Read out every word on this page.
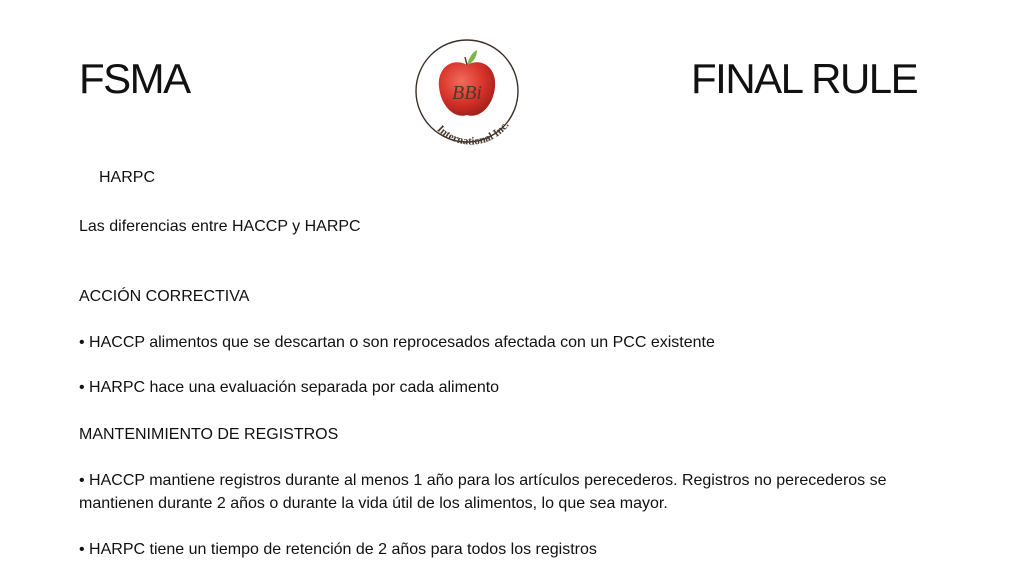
FSMA	FINAL RULE
BBi
International Inc.

HARPC

Las diferencias entre HACCP y HARPC

ACCIÓN CORRECTIVA

• HACCP alimentos que se descartan o son reprocesados afectada con un PCC existente

• HARPC hace una evaluación separada por cada alimento

MANTENIMIENTO DE REGISTROS

• HACCP mantiene registros durante al menos 1 año para los artículos perecederos. Registros no perecederos se mantienen durante 2 años o durante la vida útil de los alimentos, lo que sea mayor.

• HARPC tiene un tiempo de retención de 2 años para todos los registros
